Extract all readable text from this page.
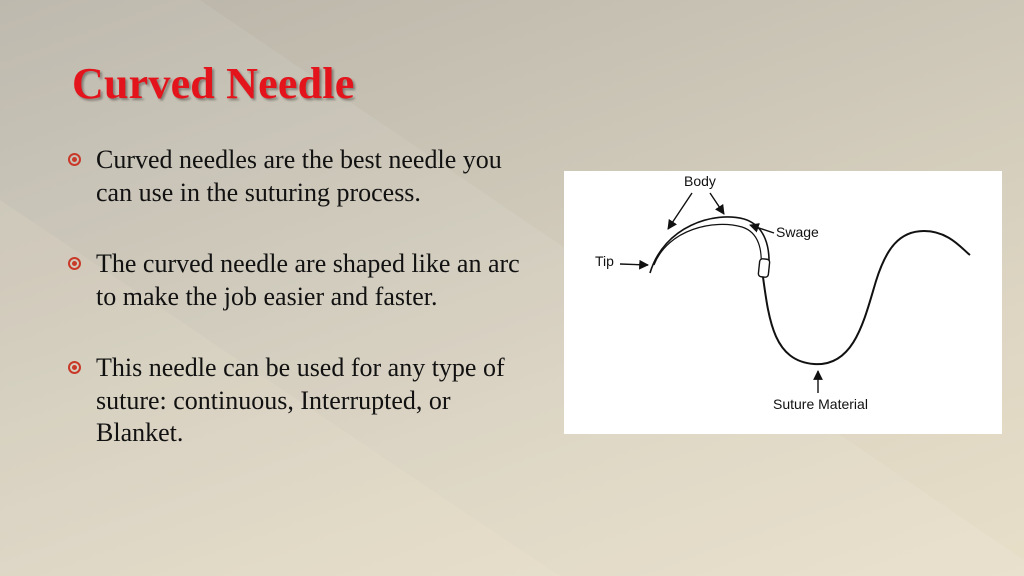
Curved Needle
Curved needles are the best needle you can use in the suturing process.
The curved needle are shaped like an arc to make the job easier and faster.
This needle can be used for any type of suture: continuous, Interrupted, or Blanket.
Body
Swage
Tip
Suture Material
